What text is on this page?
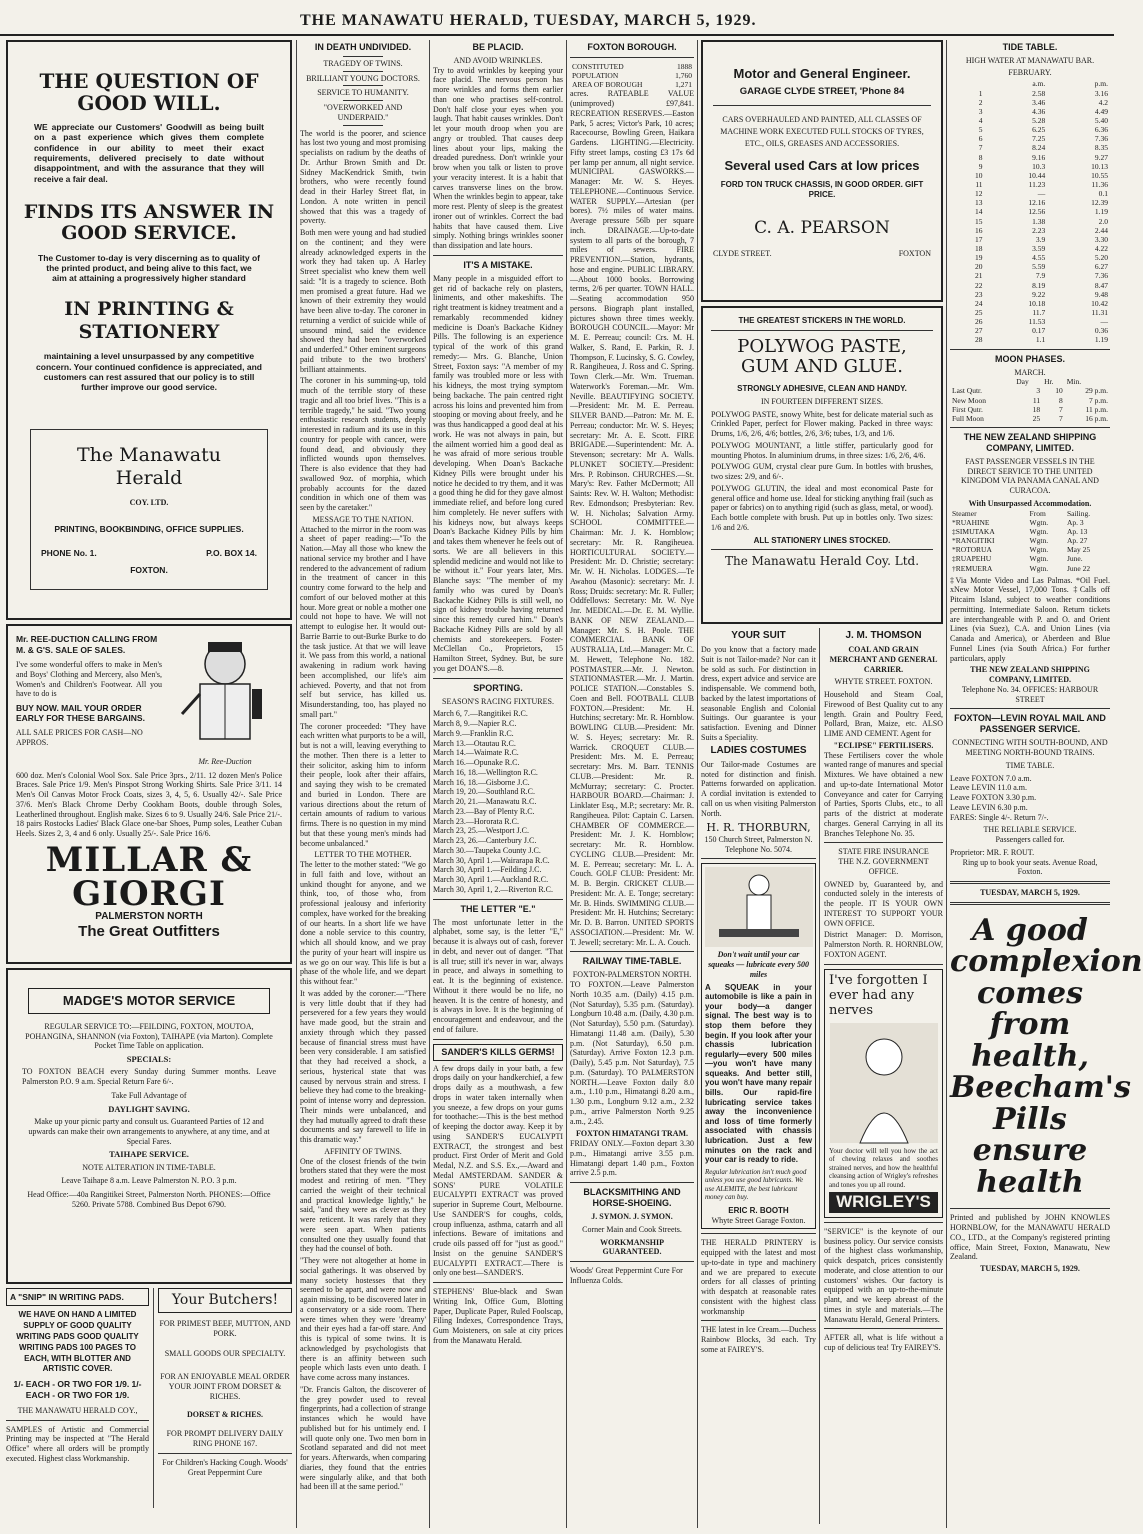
THE MANAWATU HERALD, TUESDAY, MARCH 5, 1929.
THE QUESTION OF GOOD WILL.

WE appreciate our Customers' Goodwill as being built on a past experience which gives them complete confidence in our ability to meet their exact requirements, delivered precisely to date without disappointment, and with the assurance that they will receive a fair deal.

FINDS ITS ANSWER IN GOOD SERVICE.

The Customer to-day is very discerning as to quality of the printed product, and being alive to this fact, we aim at attaining a progressively higher standard

IN PRINTING & STATIONERY

maintaining a level unsurpassed by any competitive concern. Your continued confidence is appreciated, and customers can rest assured that our policy is to still further improve our good service.

The Manawatu Herald
COY. LTD.
PRINTING, BOOKBINDING, OFFICE SUPPLIES.
PHONE No. 1.	P.O. BOX 14.
FOXTON.
Mr. REE-DUCTION CALLING FROM M. & G'S. SALE OF SALES.

I've some wonderful offers to make in Men's and Boys' Clothing and Mercery, also Men's, Women's and Children's Footwear. All you have to do is

BUY NOW. MAIL YOUR ORDER EARLY FOR THESE BARGAINS.
ALL SALE PRICES FOR CASH—NO APPROS.
Mr. Ree-Duction

600 doz. Men's Colonial Wool Sox. Sale Price 3prs., 2/11. 12 dozen Men's Police Braces. Sale Price 1/9. Men's Pinspot Strong Working Shirts. Sale Price 3/11. 14 Men's Oil Canvas Motor Frock Coats, sizes 3, 4, 5, 6. Usually 42/-. Sale Price 37/6. Men's Black Chrome Derby Cookham Boots, double through Soles, Leatherlined throughout. English make. Sizes 6 to 9. Usually 24/6. Sale Price 21/-. 18 pairs Rostocks Ladies' Black Glace one-bar Shoes, Pump soles, Leather Cuban Heels. Sizes 2, 3, 4 and 6 only. Usually 25/-. Sale Price 16/6.

MILLAR & GIORGI
PALMERSTON NORTH
The Great Outfitters
MADGE'S MOTOR SERVICE

REGULAR SERVICE TO:—FEILDING, FOXTON, MOUTOA, POHANGINA, SHANNON (via Foxton), TAIHAPE (via Marton). Complete Pocket Time Table on application.

SPECIALS:

TO FOXTON BEACH every Sunday during Summer months. Leave Palmerston P.O. 9 a.m. Special Return Fare 6/-.

Take Full Advantage of
DAYLIGHT SAVING.

Make up your picnic party and consult us. Guaranteed Parties of 12 and upwards can make their own arrangements to anywhere, at any time, and at Special Fares.

TAIHAPE SERVICE.
NOTE ALTERATION IN TIME-TABLE.
Leave Taihape 8 a.m. Leave Palmerston N. P.O. 3 p.m.

Head Office:—40a Rangitikei Street, Palmerston North. PHONES:—Office 5260. Private 5788. Combined Bus Depot 6790.

A "SNIP" IN WRITING PADS.
WE HAVE ON HAND A LIMITED SUPPLY OF GOOD QUALITY WRITING PADS GOOD QUALITY WRITING PADS 100 PAGES TO EACH, WITH BLOTTER AND ARTISTIC COVER.
1/- EACH - OR TWO FOR 1/9. 1/- EACH - OR TWO FOR 1/9.
THE MANAWATU HERALD COY.,

SAMPLES of Artistic and Commercial Printing may be inspected at "The Herald Office" where all orders will be promptly executed. Highest class Workmanship.

Your Butchers!
FOR PRIMEST BEEF, MUTTON, AND PORK.
SMALL GOODS OUR SPECIALTY.
FOR AN ENJOYABLE MEAL ORDER YOUR JOINT FROM DORSET & RICHES.
DORSET & RICHES.
FOR PROMPT DELIVERY DAILY RING PHONE 167.
For Children's Hacking Cough. Woods' Great Peppermint Cure
IN DEATH UNDIVIDED.
TRAGEDY OF TWINS.
BRILLIANT YOUNG DOCTORS.
SERVICE TO HUMANITY.
"OVERWORKED AND UNDERPAID."

The world is the poorer, and science has lost two young and most promising specialists on radium by the deaths of Dr. Arthur Brown Smith and Dr. Sidney MacKendrick Smith, twin brothers, who were recently found dead in their Harley Street flat, in London. A note written in pencil showed that this was a tragedy of poverty.

Both men were young and had studied on the continent; and they were already acknowledged experts in the work they had taken up. A Harley Street specialist who knew them well said: "It is a tragedy to science. Both men promised a great future. Had we known of their extremity they would have been alive to-day. The coroner in returning a verdict of suicide while of unsound mind, said the evidence showed they had been "overworked and underfed." Other eminent surgeons paid tribute to the two brothers' brilliant attainments.

The coroner in his summing-up, told much of the terrible story of these tragic and all too brief lives. "This is a terrible tragedy," he said. "Two young enthusiastic research students, deeply interested in radium and its use in this country for people with cancer, were found dead, and obviously they inflicted wounds upon themselves. There is also evidence that they had swallowed 9oz. of morphia, which probably accounts for the dazed condition in which one of them was seen by the caretaker."

MESSAGE TO THE NATION.

Attached to the mirror in the room was a sheet of paper reading:—"To the Nation.—May all those who knew the national service my brother and I have rendered to the advancement of radium in the treatment of cancer in this country come forward to the help and comfort of our beloved mother at this hour. More great or noble a mother one could not hope to have. We will not attempt to eulogise her. It would out-Barrie Barrie to out-Burke Burke to do the task justice. At that we will leave it. We pass from this world, a national awakening in radium work having been accomplished, our life's aim achieved. Poverty, and that not from self but service, has killed us. Misunderstanding, too, has played no small part."

The coroner proceeded: "They have each written what purports to be a will, but is not a will, leaving everything to the mother. Then there is a letter to their solicitor, asking him to inform their people, look after their affairs, and saying they wish to be cremated and buried in London. There are various directions about the return of certain amounts of radium to various firms. There is no question in my mind but that these young men's minds had become unbalanced."

LETTER TO THE MOTHER.

The letter to the mother stated: "We go in full faith and love, without an unkind thought for anyone, and we think, too, of those who, from professional jealousy and inferiority complex, have worked for the breaking of our hearts. In a short life we have done a noble service to this country, which all should know, and we pray the purity of your heart will inspire us as we go on our way. This life is but a phase of the whole life, and we depart this without fear."

It was added by the coroner:—"There is very little doubt that if they had persevered for a few years they would have made good, but the strain and anxiety through which they passed because of financial stress must have been very considerable. I am satisfied that they had received a shock, a serious, hysterical state that was caused by nervous strain and stress. I believe they had come to the breaking-point of intense worry and depression. Their minds were unbalanced, and they had mutually agreed to draft these documents and say farewell to life in this dramatic way."

AFFINITY OF TWINS.

One of the closest friends of the twin brothers stated that they were the most modest and retiring of men. "They carried the weight of their technical and practical knowledge lightly," he said, "and they were as clever as they were reticent. It was rarely that they were seen apart. When patients consulted one they usually found that they had the counsel of both.

"They were not altogether at home in social gatherings. It was observed by many society hostesses that they seemed to be apart, and were now and again missing, to be discovered later in a conservatory or a side room. There were times when they were 'dreamy' and their eyes had a far-off stare. And this is typical of some twins. It is acknowledged by psychologists that there is an affinity between such people which lasts even unto death. I have come across many instances.

"Dr. Francis Galton, the discoverer of the grey powder used to reveal fingerprints, had a collection of strange instances which he would have published but for his untimely end. I will quote only one. Two men born in Scotland separated and did not meet for years. Afterwards, when comparing diaries, they found that the entries were singularly alike, and that both had been ill at the same period."

BE PLACID.
AND AVOID WRINKLES.

Try to avoid wrinkles by keeping your face placid. The nervous person has more wrinkles and forms them earlier than one who practises self-control. Don't half close your eyes when you laugh. That habit causes wrinkles. Don't let your mouth droop when you are angry or troubled. That causes deep lines about your lips, making the dreaded puredness. Don't wrinkle your brow when you talk or listen to prove your veracity interest. It is a habit that carves transverse lines on the brow. When the wrinkles begin to appear, take more rest. Plenty of sleep is the greatest ironer out of wrinkles. Correct the bad habits that have caused them. Live simply. Nothing brings wrinkles sooner than dissipation and late hours.

IT'S A MISTAKE.

Many people in a misguided effort to get rid of backache rely on plasters, liniments, and other makeshifts. The right treatment is kidney treatment and a remarkably recommended kidney medicine is Doan's Backache Kidney Pills. The following is an experience typical of the work of this grand remedy:— Mrs. G. Blanche, Union Street, Foxton says: "A member of my family was troubled more or less with his kidneys, the most trying symptom being backache. The pain centred right across his loins and prevented him from stooping or moving about freely, and he was thus handicapped a good deal at his work. He was not always in pain, but the ailment worried him a good deal as he was afraid of more serious trouble developing. When Doan's Backache Kidney Pills were brought under his notice he decided to try them, and it was a good thing he did for they gave almost immediate relief, and before long cured him completely. He never suffers with his kidneys now, but always keeps Doan's Backache Kidney Pills by him and takes them whenever he feels out of sorts. We are all believers in this splendid medicine and would not like to be without it." Four years later, Mrs. Blanche says: "The member of my family who was cured by Doan's Backache Kidney Pills is still well, no sign of kidney trouble having returned since this remedy cured him." Doan's Backache Kidney Pills are sold by all chemists and storekeepers. Foster-McClellan Co., Proprietors, 15 Hamilton Street, Sydney. But, be sure you get DOAN'S.—8.

SPORTING.
SEASON'S RACING FIXTURES.
March 6, 7.—Rangitikei R.C.
March 8, 9.—Napier R.C.
March 9.—Franklin R.C.
March 13.—Otautau R.C.
March 14.—Waimate R.C.
March 16.—Opunake R.C.
March 16, 18.—Wellington R.C.
March 16, 18.—Gisborne J.C.
March 19, 20.—Southland R.C.
March 20, 21.—Manawatu R.C.
March 23.—Bay of Plenty R.C.
March 23.—Hororata R.C.
March 23, 25.—Westport J.C.
March 23, 26.—Canterbury J.C.
March 30.—Taupeka County J.C.
March 30, April 1.—Wairarapa R.C.
March 30, April 1.—Feilding J.C.
March 30, April 1.—Auckland R.C.
March 30, April 1, 2.—Riverton R.C.
THE LETTER "E."

The most unfortunate letter in the alphabet, some say, is the letter "E," because it is always out of cash, forever in debt, and never out of danger. "That is all true; still it's never in war, always in peace, and always in something to eat. It is the beginning of existence. Without it there would be no life, no heaven. It is the centre of honesty, and is always in love. It is the beginning of encouragement and endeavour, and the end of failure.

SANDER'S KILLS GERMS!

A few drops daily in your bath, a few drops daily on your handkerchief, a few drops daily as a mouthwash, a few drops in water taken internally when you sneeze, a few drops on your gums for toothache:—This is the best method of keeping the doctor away. Keep it by using SANDER'S EUCALYPTI EXTRACT, the strongest and best product. First Order of Merit and Gold Medal, N.Z. and S.S. Ex.,—Award and Medal AMSTERDAM. SANDER & SONS' PURE VOLATILE EUCALYPTI EXTRACT was proved superior in Supreme Court, Melbourne. Use SANDER'S for coughs, colds, croup influenza, asthma, catarrh and all infections. Beware of imitations and crude oils passed off for "just as good." Insist on the genuine SANDER'S EUCALYPTI EXTRACT.—There is only one best—SANDER'S.

STEPHENS' Blue-black and Swan Writing Ink, Office Gum, Blotting Paper, Duplicate Paper, Ruled Foolscap, Filing Indexes, Correspondence Trays, Gum Moisteners, on sale at city prices from the Manawatu Herald.

FOXTON BOROUGH.
CONSTITUTED	1888
POPULATION	1,760
AREA OF BOROUGH	1,271

acres. RATEABLE VALUE (unimproved) £97,841. RECREATION RESERVES.—Easton Park, 5 acres; Victor's Park, 10 acres; Racecourse, Bowling Green, Haikara Gardens. LIGHTING.—Electricity. Fifty street lamps, costing £3 17s 6d per lamp per annum, all night service. MUNICIPAL GASWORKS.—Manager: Mr. W. S. Heyes. TELEPHONE.—Continuous Service. WATER SUPPLY.—Artesian (per bores). 7½ miles of water mains. Average pressure 56lb per square inch. DRAINAGE.—Up-to-date system to all parts of the borough, 7 miles of sewers. FIRE PREVENTION.—Station, hydrants, hose and engine. PUBLIC LIBRARY.—About 1000 books. Borrowing terms, 2/6 per quarter. TOWN HALL.—Seating accommodation 950 persons. Biograph plant installed, pictures shown three times weekly. BOROUGH COUNCIL.—Mayor: Mr M. E. Perreau; council: Crs. M. H. Walker, S. Rand, E. Parkin, R. J. Thompson, F. Lucinsky, S. G. Cowley, R. Rangiheuea, J. Ross and C. Spring. Town Clerk.—Mr. Wm. Trueman. Waterwork's Foreman.—Mr. Wm. Neville. BEAUTIFYING SOCIETY.—President: Mr. M. E. Perreau. SILVER BAND.—Patron: Mr. M. E. Perreau; conductor: Mr. W. S. Heyes; secretary: Mr. A. E. Scott. FIRE BRIGADE.—Superintendent: Mr. A. Stevenson; secretary: Mr A. Walls. PLUNKET SOCIETY.—President: Mrs. P. Robinson. CHURCHES.—St. Mary's: Rev. Father McDermott; All Saints: Rev. W. H. Walton; Methodist: Rev. Edmondson; Presbyterian: Rev. W. H. Nicholas; Salvation Army. SCHOOL COMMITTEE.—Chairman: Mr. J. K. Hornblow; secretary: Mr. R. Rangiheuea. HORTICULTURAL SOCIETY.—President: Mr. D. Christie; secretary: Mr. W. H. Nicholas. LODGES.—Te Awahou (Masonic): secretary: Mr. J. Ross; Druids: secretary: Mr. R. Fuller; Oddfellows: Secretary: Mr. W. Nye Jnr. MEDICAL.—Dr. E. M. Wyllie. BANK OF NEW ZEALAND.—Manager: Mr. S. H. Poole. THE COMMERCIAL BANK OF AUSTRALIA, Ltd.—Manager: Mr. C. M. Hewett, Telephone No. 182. POSTMASTER.—Mr. J. Newton. STATIONMASTER.—Mr. J. Martin. POLICE STATION.—Constables S. Coen and Bell. FOOTBALL CLUB FOXTON.—President: Mr. H. Hutchins; secretary: Mr. R. Hornblow. BOWLING CLUB.—President: Mr. W. S. Heyes; secretary: Mr. R. Warrick. CROQUET CLUB.—President: Mrs. M. E. Perreau; secretary: Mrs. M. Barr. TENNIS CLUB.—President: Mr. R. McMurray; secretary: C. Procter. HARBOUR BOARD.—Chairman: J. Linklater Esq., M.P.; secretary: Mr. R. Rangiheuea. Pilot: Captain C. Larsen. CHAMBER OF COMMERCE.—President: Mr. J. K. Hornblow; secretary: Mr. R. Hornblow. CYCLING CLUB.—President: Mr. M. E. Perreau; secretary: Mr. L. A. Couch. GOLF CLUB: President: Mr. M. B. Bergin. CRICKET CLUB.—President: Mr. A. E. Tonge; secretary: Mr. B. Hinds. SWIMMING CLUB.—President: Mr. H. Hutchins; Secretary: Mr. D. B. Barron. UNITED SPORTS ASSOCIATION.—President: Mr. W. T. Jewell; secretary: Mr. L. A. Couch.

RAILWAY TIME-TABLE.
FOXTON-PALMERSTON NORTH.

TO FOXTON.—Leave Palmerston North 10.35 a.m. (Daily) 4.15 p.m. (Not Saturday), 5.35 p.m. (Saturday). Longburn 10.48 a.m. (Daily, 4.30 p.m. (Not Saturday), 5.50 p.m. (Saturday). Himatangi 11.48 a.m. (Daily), 5.30 p.m. (Not Saturday), 6.50 p.m. (Saturday). Arrive Foxton 12.3 p.m. (Daily), 5.45 p.m. Not Saturday), 7.5 p.m. (Saturday). TO PALMERSTON NORTH.—Leave Foxton daily 8.0 a.m., 1.10 p.m., Himatangi 8.20 a.m., 1.30 p.m., Longburn 9.12 a.m., 2.32 p.m., arrive Palmerston North 9.25 a.m., 2.45.

FOXTON HIMATANGI TRAM.

FRIDAY ONLY.—Foxton depart 3.30 p.m., Himatangi arrive 3.55 p.m. Himatangi depart 1.40 p.m., Foxton arrive 2.5 p.m.

BLACKSMITHING AND HORSE-SHOEING.
J. SYMON. J. SYMON.
Corner Main and Cook Streets.
WORKMANSHIP GUARANTEED.
Woods' Great Peppermint Cure For Influenza Colds.
Motor and General Engineer.
GARAGE CLYDE STREET, 'Phone 84
CARS OVERHAULED AND PAINTED, ALL CLASSES OF MACHINE WORK EXECUTED FULL STOCKS OF TYRES, ETC., OILS, GREASES AND ACCESSORIES.
Several used Cars at low prices
FORD TON TRUCK CHASSIS, IN GOOD ORDER. GIFT PRICE.
C. A. PEARSON
CLYDE STREET.	FOXTON
THE GREATEST STICKERS IN THE WORLD.
POLYWOG PASTE, GUM AND GLUE.
STRONGLY ADHESIVE, CLEAN AND HANDY.
IN FOURTEEN DIFFERENT SIZES.

POLYWOG PASTE, snowy White, best for delicate material such as Crinkled Paper, perfect for Flower making. Packed in three ways: Drums, 1/6, 2/6, 4/6; bottles, 2/6, 3/6; tubes, 1/3, and 1/6.

POLYWOG MOUNTANT, a little stiffer, particularly good for mounting Photos. In aluminium drums, in three sizes: 1/6, 2/6, 4/6.

POLYWOG GUM, crystal clear pure Gum. In bottles with brushes, two sizes: 2/9, and 6/-.

POLYWOG GLUTIN, the ideal and most economical Paste for general office and home use. Ideal for sticking anything frail (such as paper or fabrics) on to anything rigid (such as glass, metal, or wood). Each bottle complete with brush. Put up in bottles only. Two sizes: 1/6 and 2/6.

ALL STATIONERY LINES STOCKED.
The Manawatu Herald Coy. Ltd.
YOUR SUIT

Do you know that a factory made Suit is not Tailor-made? Nor can it be sold as such. For distinction in dress, expert advice and service are indispensable. We commend both, backed by the latest importations of seasonable English and Colonial Suitings. Our guarantee is your satisfaction. Evening and Dinner Suits a Speciality.

LADIES COSTUMES

Our Tailor-made Costumes are noted for distinction and finish. Patterns forwarded on application. A cordial invitation is extended to call on us when visiting Palmerston North.

H. R. THORBURN,
150 Church Street, Palmerston N. Telephone No. 5074.
Don't wait until your car squeaks — lubricate every 500 miles

A SQUEAK in your automobile is like a pain in your body—a danger signal. The best way is to stop them before they begin. If you look after your chassis lubrication regularly—every 500 miles—you won't have many squeaks. And better still, you won't have many repair bills. Our rapid-fire lubricating service takes away the inconvenience and loss of time formerly associated with chassis lubrication. Just a few minutes on the rack and your car is ready to ride.

Regular lubrication isn't much good unless you use good lubricants. We use ALEMITE, the best lubricant money can buy.
ERIC R. BOOTH
Whyte Street Garage Foxton.

THE HERALD PRINTERY is equipped with the latest and most up-to-date in type and machinery and we are prepared to execute orders for all classes of printing with despatch at reasonable rates consistent with the highest class workmanship

THE latest in Ice Cream.—Duchess Rainbow Blocks, 3d each. Try some at FAIREY'S.

J. M. THOMSON
COAL AND GRAIN MERCHANT AND GENERAL CARRIER.
WHYTE STREET. FOXTON.

Household and Steam Coal, Firewood of Best Quality cut to any length. Grain and Poultry Feed, Pollard, Bran, Maize, etc. ALSO LIME AND CEMENT. Agent for

"ECLIPSE" FERTILISERS.

These Fertilisers cover the whole wanted range of manures and special Mixtures. We have obtained a new and up-to-date International Motor Conveyance and cater for Carrying of Parties, Sports Clubs, etc., to all parts of the district at moderate charges. General Carrying in all its Branches Telephone No. 35.

STATE FIRE INSURANCE
THE N.Z. GOVERNMENT OFFICE.

OWNED by, Guaranteed by, and conducted solely in the interests of the people. IT IS YOUR OWN INTEREST TO SUPPORT YOUR OWN OFFICE.

District Manager: D. Morrison, Palmerston North. R. HORNBLOW, FOXTON AGENT.

I've forgotten I ever had any nerves

Your doctor will tell you how the act of chewing relaxes and soothes strained nerves, and how the healthful cleansing action of Wrigley's refreshes and tones you up all round.

WRIGLEY'S

"SERVICE" is the keynote of our business policy. Our service consists of the highest class workmanship, quick despatch, prices consistently moderate, and close attention to our customers' wishes. Our factory is equipped with an up-to-the-minute plant, and we keep abreast of the times in style and materials.—The Manawatu Herald, General Printers.

AFTER all, what is life without a cup of delicious tea! Try FAIREY'S.

TIDE TABLE.
HIGH WATER AT MANAWATU BAR.
FEBRUARY.
	a.m.	p.m.
1	2.58	3.16
2	3.46	4.2
3	4.36	4.49
4	5.28	5.40
5	6.25	6.36
6	7.25	7.36
7	8.24	8.35
8	9.16	9.27
9	10.3	10.13
10	10.44	10.55
11	11.23	11.36
12	—	0.1
13	12.16	12.39
14	12.56	1.19
15	1.38	2.0
16	2.23	2.44
17	3.9	3.30
18	3.59	4.22
19	4.55	5.20
20	5.59	6.27
21	7.9	7.36
22	8.19	8.47
23	9.22	9.48
24	10.18	10.42
25	11.7	11.31
26	11.53	—
27	0.17	0.36
28	1.1	1.19
MOON PHASES.
MARCH.
	Day	Hr.	Min.
Last Qutr.	3	10	29 p.m.
New Moon	11	8	7 p.m.
First Qutr.	18	7	11 p.m.
Full Moon	25	7	16 p.m.
THE NEW ZEALAND SHIPPING COMPANY, LIMITED.
FAST PASSENGER VESSELS IN THE DIRECT SERVICE TO THE UNITED KINGDOM VIA PANAMA CANAL AND CURACOA.
With Unsurpassed Accommodation.
Steamer	From	Sailing.
*RUAHINE	Wgtn.	Ap. 3
‡SIMUTAKA	Wgtn.	Ap. 13
*RANGITIKI	Wgtn.	Ap. 27
*ROTORUA	Wgtn.	May 25
‡RUAPEHU	Wgtn.	June.
†REMUERA	Wgtn.	June 22

‡Via Monte Video and Las Palmas. *Oil Fuel. xNew Motor Vessel, 17,000 Tons. ‡Calls off Pitcairn Island, subject to weather conditions permitting. Intermediate Saloon. Return tickets are interchangeable with P. and O. and Orient Lines (via Suez), C.A. and Union Lines (via Canada and America), or Aberdeen and Blue Funnel Lines (via South Africa.) For further particulars, apply

THE NEW ZEALAND SHIPPING COMPANY, LIMITED.
Telephone No. 34. OFFICES: HARBOUR STREET
FOXTON—LEVIN ROYAL MAIL AND PASSENGER SERVICE.
CONNECTING WITH SOUTH-BOUND, AND MEETING NORTH-BOUND TRAINS.
TIME TABLE.
Leave FOXTON 7.0 a.m.
Leave LEVIN 11.0 a.m.
Leave FOXTON 3.30 p.m.
Leave LEVIN 6.30 p.m.
FARES: Single 4/-. Return 7/-.
THE RELIABLE SERVICE.
Passengers called for.
Proprietor: MR. F. ROUT.
Ring up to book your seats. Avenue Road, Foxton.
TUESDAY, MARCH 5, 1929.
A good complexion comes from health, Beecham's Pills ensure health

Printed and published by JOHN KNOWLES HORNBLOW, for the MANAWATU HERALD CO., LTD., at the Company's registered printing office, Main Street, Foxton, Manawatu, New Zealand.

TUESDAY, MARCH 5, 1929.
